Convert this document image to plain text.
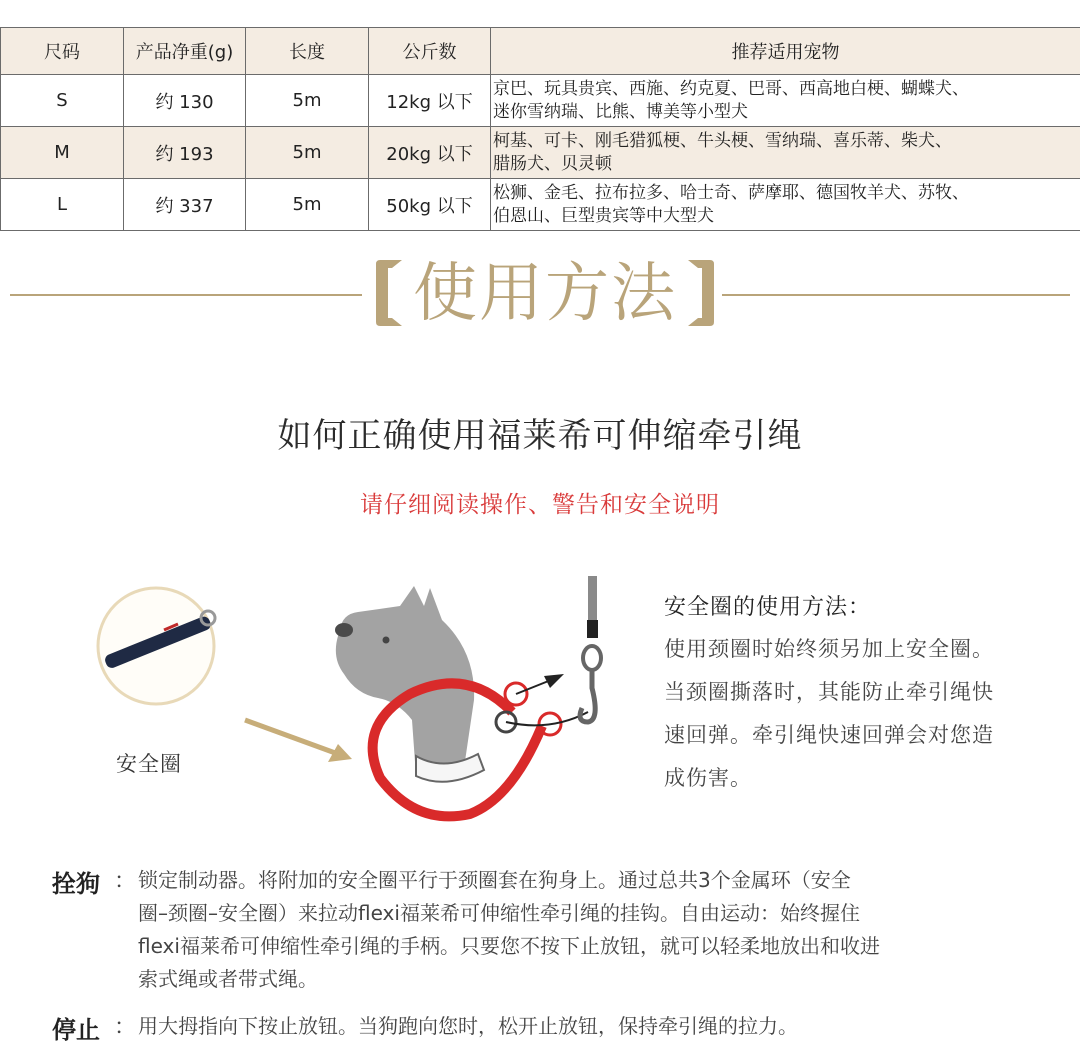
尺码	产品净重(g)	长度	公斤数	推荐适用宠物
S	约 130	5m	12kg 以下	京巴、玩具贵宾、西施、约克夏、巴哥、西高地白梗、蝴蝶犬、
迷你雪纳瑞、比熊、博美等小型犬

M	约 193	5m	20kg 以下	柯基、可卡、刚毛猎狐梗、牛头梗、雪纳瑞、喜乐蒂、柴犬、
腊肠犬、贝灵顿

L	约 337	5m	50kg 以下	松狮、金毛、拉布拉多、哈士奇、萨摩耶、德国牧羊犬、苏牧、
伯恩山、巨型贵宾等中大型犬
使用方法
如何正确使用福莱希可伸缩牵引绳
请仔细阅读操作、警告和安全说明
安全圈
安全圈的使用方法：

使用颈圈时始终须另加上安全圈。

当颈圈撕落时，其能防止牵引绳快

速回弹。牵引绳快速回弹会对您造

成伤害。

拴狗 ： 锁定制动器。将附加的安全圈平行于颈圈套在狗身上。通过总共3个金属环（安全

圈–颈圈–安全圈）来拉动flexi福莱希可伸缩性牵引绳的挂钩。自由运动：始终握住

flexi福莱希可伸缩性牵引绳的手柄。只要您不按下止放钮，就可以轻柔地放出和收进

索式绳或者带式绳。

停止 ： 用大拇指向下按止放钮。当狗跑向您时，松开止放钮，保持牵引绳的拉力。
